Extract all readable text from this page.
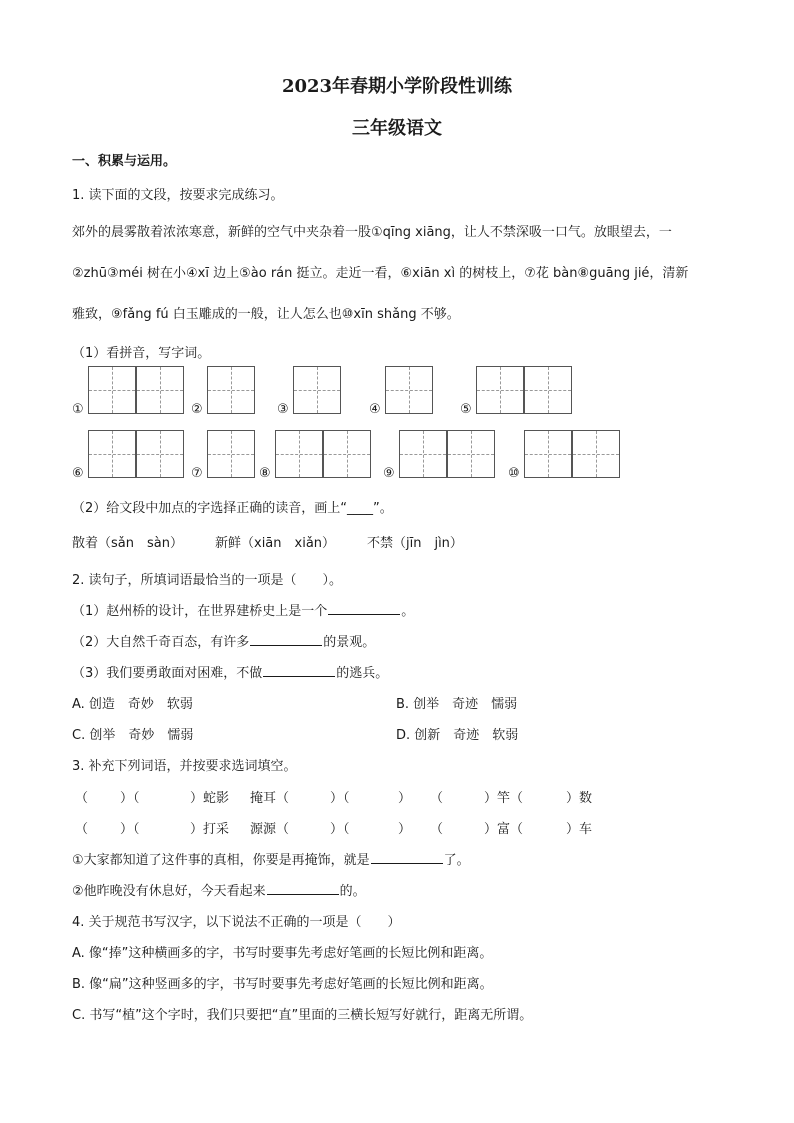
2023年春期小学阶段性训练
三年级语文
一、积累与运用。
1. 读下面的文段，按要求完成练习。
郊外的晨雾散着浓浓寒意，新鲜的空气中夹杂着一股①qīng xiāng，让人不禁深吸一口气。放眼望去，一
②zhū③méi 树在小④xī 边上⑤ào rán 挺立。走近一看，⑥xiān xì 的树枝上，⑦花 bàn⑧guāng jié，清新
雅致，⑨fǎng fú 白玉雕成的一般，让人怎么也⑩xīn shǎng 不够。
（1）看拼音，写字词。
①	②	③	④	⑤
⑥	⑦	⑧	⑨	⑩
（2）给文段中加点的字选择正确的读音，画上“____”。
散着（sǎn　sàn） 新鲜（xiān　xiǎn） 不禁（jīn　jìn）
2. 读句子，所填词语最恰当的一项是（　　）。
（1）赵州桥的设计，在世界建桥史上是一个	。
（2）大自然千奇百态，有许多	的景观。
（3）我们要勇敢面对困难，不做	的逃兵。
A. 创造　奇妙　软弱	B. 创举　奇迹　懦弱
C. 创举　奇妙　懦弱	D. 创新　奇迹　软弱
3. 补充下列词语，并按要求选词填空。
（ ）（	）蛇影 掩耳（	）（	） （	）竿（	）数
（ ）（	）打采 源源（	）（	） （	）富（	）车
①大家都知道了这件事的真相，你要是再掩饰，就是	了。
②他昨晚没有休息好，今天看起来	的。
4. 关于规范书写汉字，以下说法不正确的一项是（　　）
A. 像“捧”这种横画多的字，书写时要事先考虑好笔画的长短比例和距离。
B. 像“扁”这种竖画多的字，书写时要事先考虑好笔画的长短比例和距离。
C. 书写“植”这个字时，我们只要把“直”里面的三横长短写好就行，距离无所谓。
